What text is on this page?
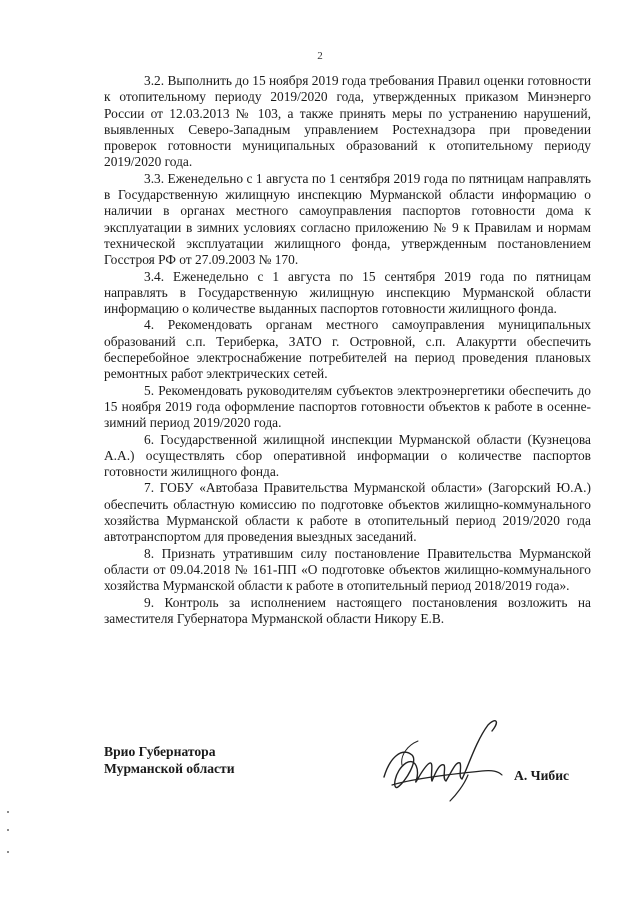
2

3.2. Выполнить до 15 ноября 2019 года требования Правил оценки готовности к отопительному периоду 2019/2020 года, утвержденных приказом Минэнерго России от 12.03.2013 № 103, а также принять меры по устранению нарушений, выявленных Северо-Западным управлением Ростехнадзора при проведении проверок готовности муниципальных образований к отопительному периоду 2019/2020 года.

3.3. Еженедельно с 1 августа по 1 сентября 2019 года по пятницам направлять в Государственную жилищную инспекцию Мурманской области информацию о наличии в органах местного самоуправления паспортов готовности дома к эксплуатации в зимних условиях согласно приложению № 9 к Правилам и нормам технической эксплуатации жилищного фонда, утвержденным постановлением Госстроя РФ от 27.09.2003 № 170.

3.4. Еженедельно с 1 августа по 15 сентября 2019 года по пятницам направлять в Государственную жилищную инспекцию Мурманской области информацию о количестве выданных паспортов готовности жилищного фонда.

4. Рекомендовать органам местного самоуправления муниципальных образований с.п. Териберка, ЗАТО г. Островной, с.п. Алакуртти обеспечить бесперебойное электроснабжение потребителей на период проведения плановых ремонтных работ электрических сетей.

5. Рекомендовать руководителям субъектов электроэнергетики обеспечить до 15 ноября 2019 года оформление паспортов готовности объектов к работе в осенне-зимний период 2019/2020 года.

6. Государственной жилищной инспекции Мурманской области (Кузнецова А.А.) осуществлять сбор оперативной информации о количестве паспортов готовности жилищного фонда.

7. ГОБУ «Автобаза Правительства Мурманской области» (Загорский Ю.А.) обеспечить областную комиссию по подготовке объектов жилищно-коммунального хозяйства Мурманской области к работе в отопительный период 2019/2020 года автотранспортом для проведения выездных заседаний.

8. Признать утратившим силу постановление Правительства Мурманской области от 09.04.2018 № 161-ПП «О подготовке объектов жилищно-коммунального хозяйства Мурманской области к работе в отопительный период 2018/2019 года».

9. Контроль за исполнением настоящего постановления возложить на заместителя Губернатора Мурманской области Никору Е.В.

Врио Губернатора
Мурманской области	А. Чибис
